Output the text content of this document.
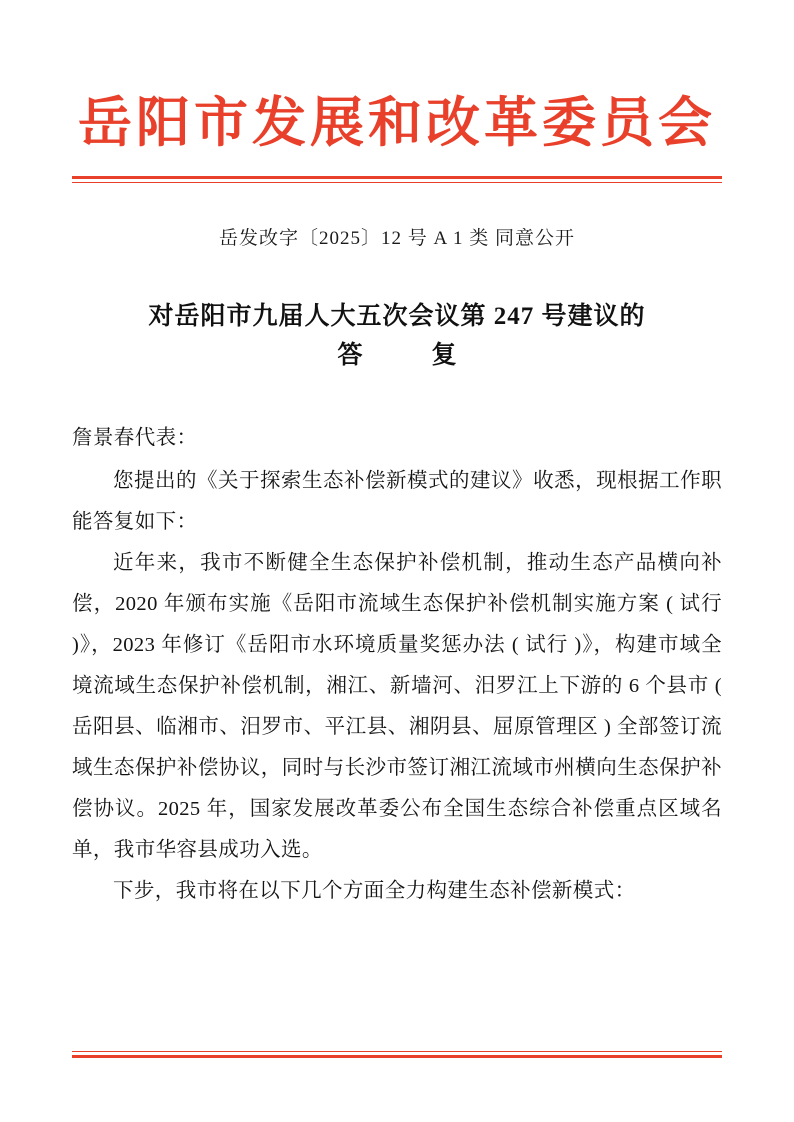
岳阳市发展和改革委员会
岳发改字〔2025〕12 号 A 1 类 同意公开
对岳阳市九届人大五次会议第 247 号建议的
答　复

詹景春代表：

您提出的《关于探索生态补偿新模式的建议》收悉，现根据工作职能答复如下：

近年来，我市不断健全生态保护补偿机制，推动生态产品横向补偿，2020 年颁布实施《岳阳市流域生态保护补偿机制实施方案 ( 试行 )》，2023 年修订《岳阳市水环境质量奖惩办法 ( 试行 )》，构建市域全境流域生态保护补偿机制，湘江、新墙河、汨罗江上下游的 6 个县市 ( 岳阳县、临湘市、汨罗市、平江县、湘阴县、屈原管理区 ) 全部签订流域生态保护补偿协议，同时与长沙市签订湘江流域市州横向生态保护补偿协议。2025 年，国家发展改革委公布全国生态综合补偿重点区域名单，我市华容县成功入选。

下步，我市将在以下几个方面全力构建生态补偿新模式：
